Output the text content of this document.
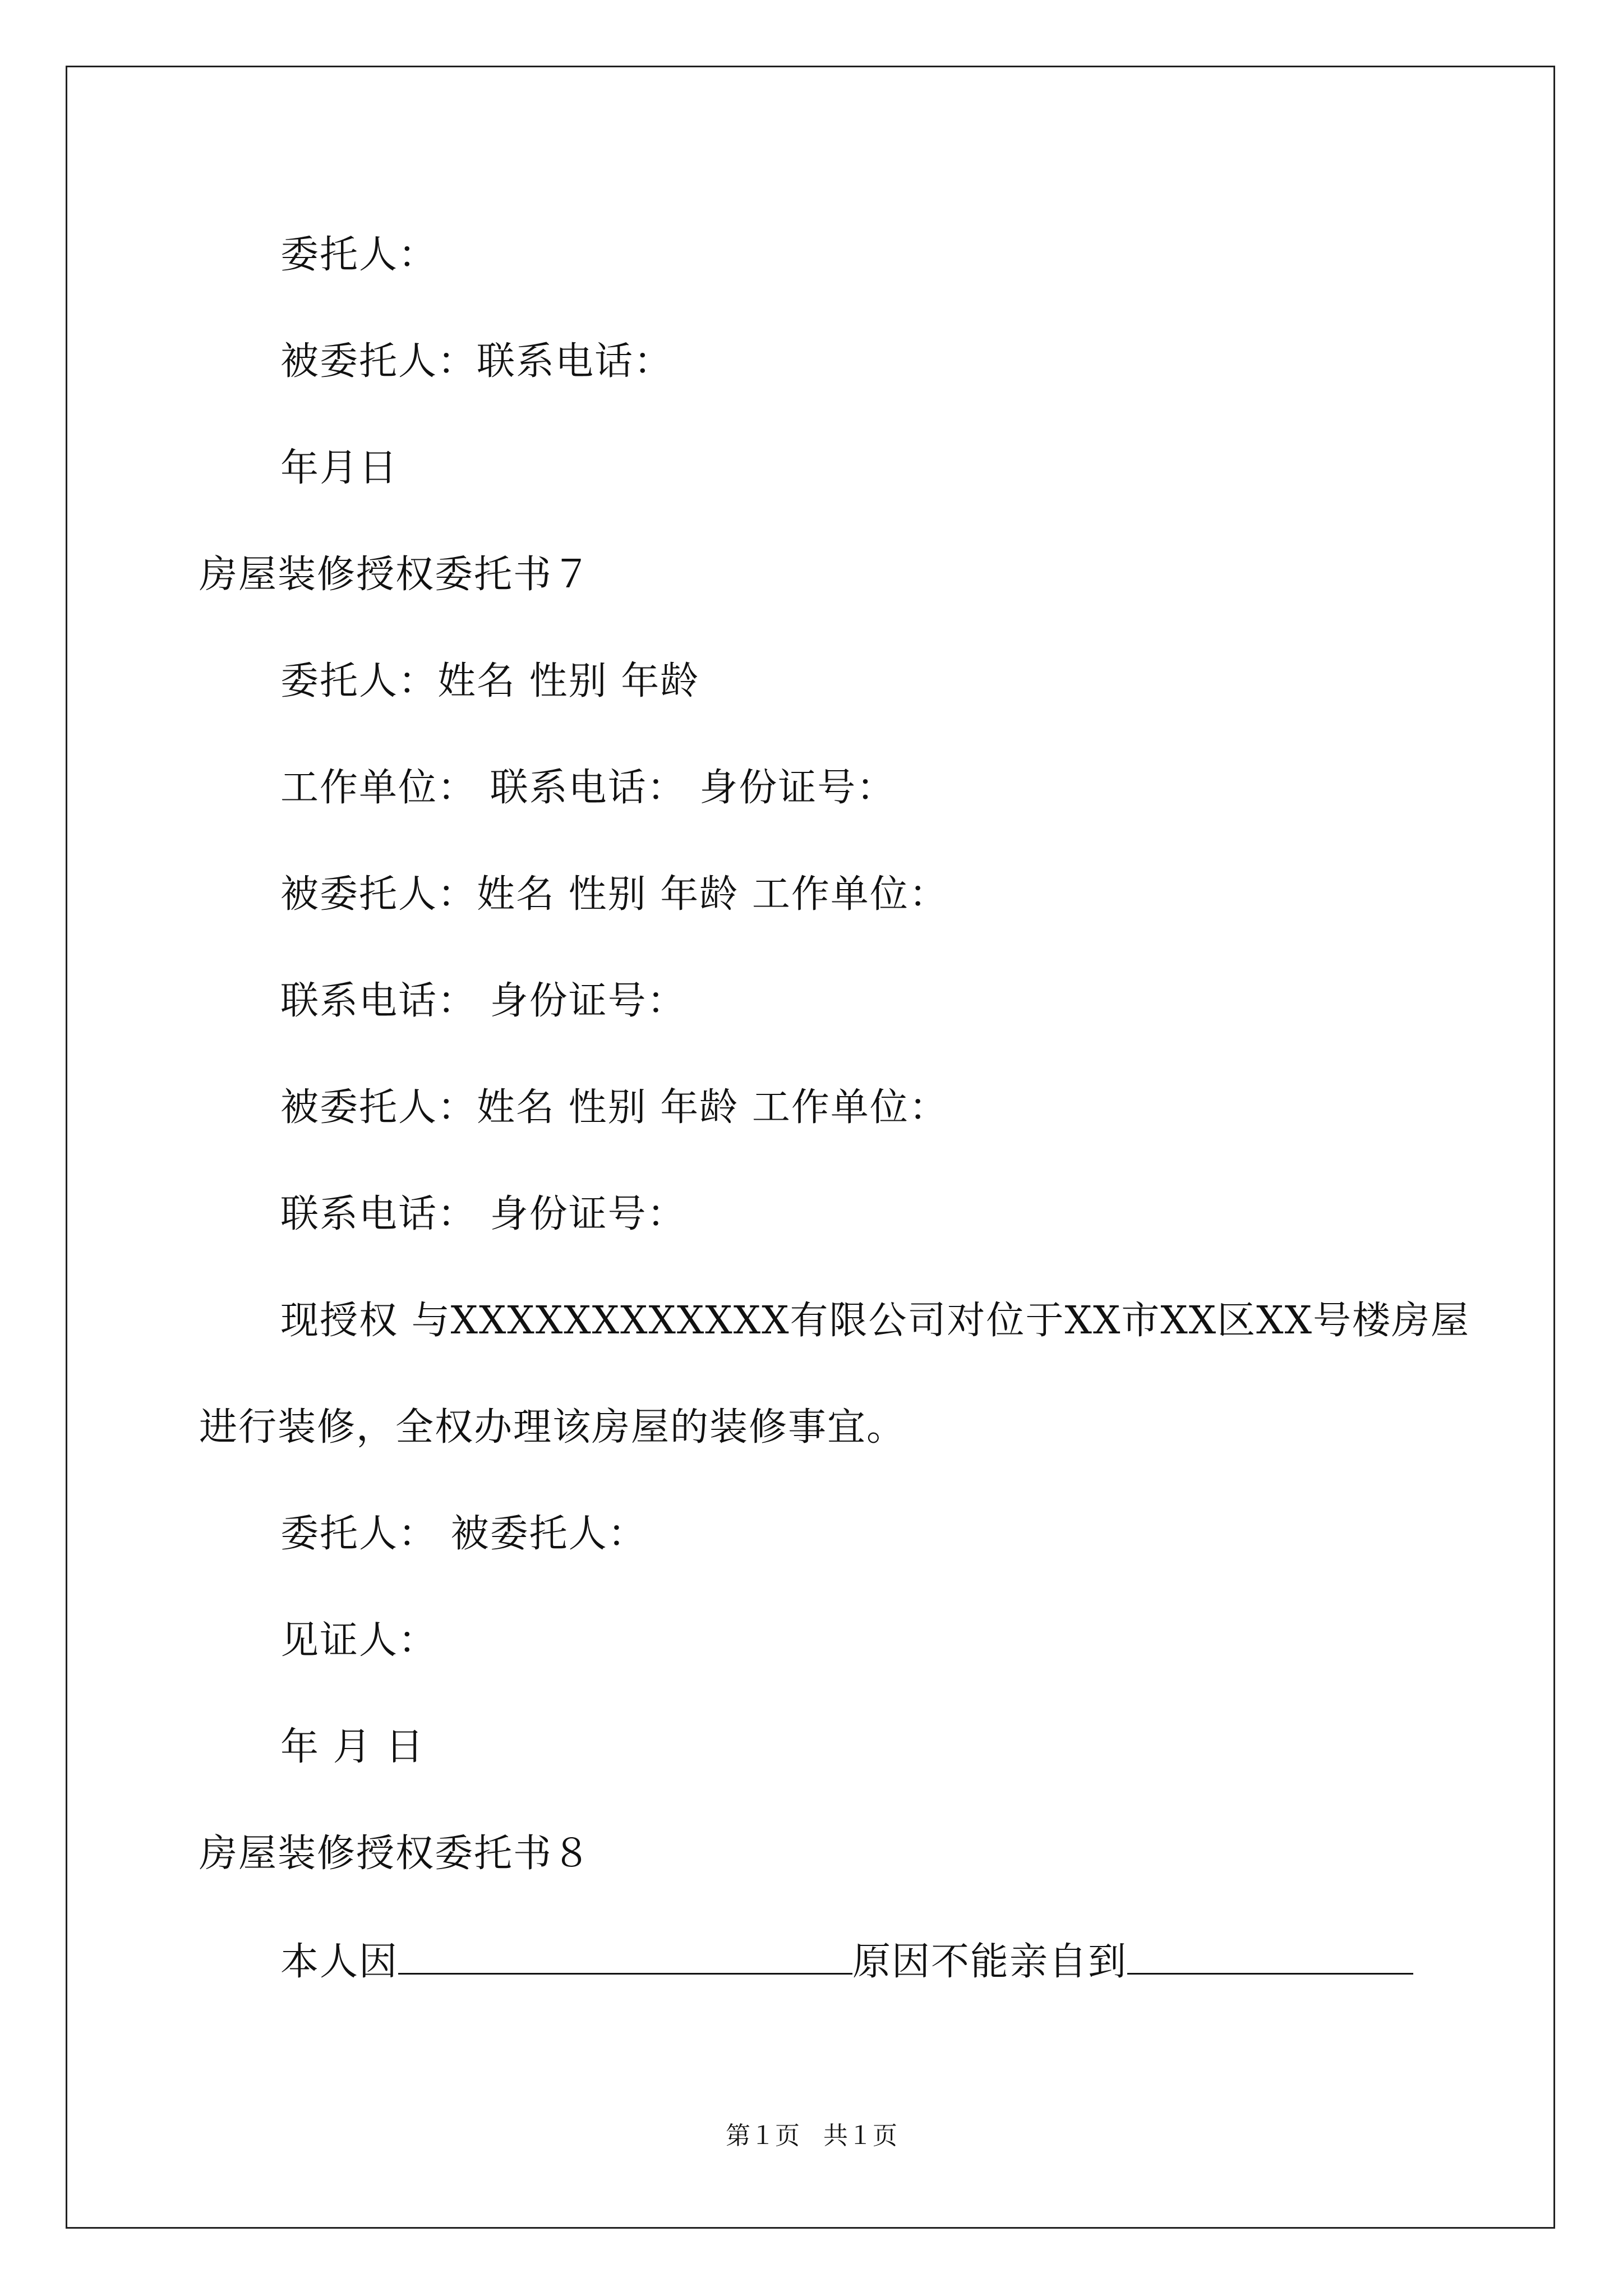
委托人：
被委托人：联系电话：
年月日
房屋装修授权委托书７
委托人：姓名 性别 年龄
工作单位： 联系电话： 身份证号：
被委托人：姓名 性别 年龄 工作单位：
联系电话： 身份证号：
被委托人：姓名 性别 年龄 工作单位：
联系电话： 身份证号：
现授权 与XXXXXXXXXXXX有限公司对位于XX市XX区XX号楼房屋
进行装修，全权办理该房屋的装修事宜。
委托人： 被委托人：
见证人：
年 月 日
房屋装修授权委托书８
本人因	原因不能亲自到
第１页   共１页
